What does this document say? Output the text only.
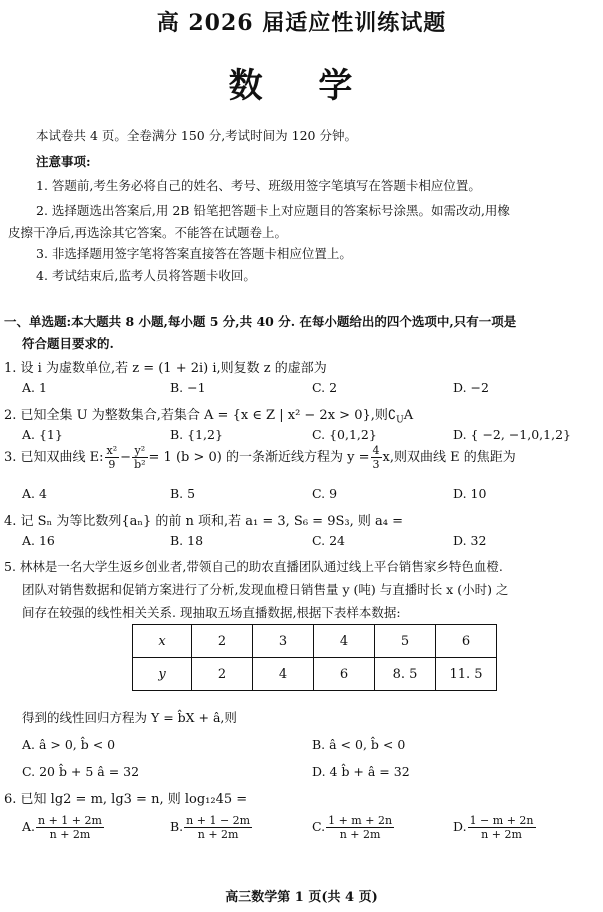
高 2026 届适应性训练试题
数 学
本试卷共 4 页。全卷满分 150 分,考试时间为 120 分钟。
注意事项:
1. 答题前,考生务必将自己的姓名、考号、班级用签字笔填写在答题卡相应位置。
2. 选择题选出答案后,用 2B 铅笔把答题卡上对应题目的答案标号涂黑。如需改动,用橡
皮擦干净后,再选涂其它答案。不能答在试题卷上。
3. 非选择题用签字笔将答案直接答在答题卡相应位置上。
4. 考试结束后,监考人员将答题卡收回。
一、单选题:本大题共 8 小题,每小题 5 分,共 40 分. 在每小题给出的四个选项中,只有一项是
符合题目要求的.
1. 设 i 为虚数单位,若 z = (1 + 2i) i,则复数 z 的虚部为
A. 1	B. −1	C. 2	D. −2
2. 已知全集 U 为整数集合,若集合 A = {x ∈ Z | x² − 2x > 0},则$∁_UA$
A. {1}	B. {1,2}	C. {0,1,2}	D. { −2, −1,0,1,2}
3. 已知双曲线 E: $\frac{\text{x²}}{9} - \frac{\text{y²}}{\text{b²}} = 1$ (b > 0) 的一条渐近线方程为 $y = \frac{4}{3} x$,则双曲线 E 的焦距为
A. 4	B. 5	C. 9	D. 10
4. 记 Sₙ 为等比数列{aₙ} 的前 n 项和,若 a₁ = 3, S₆ = 9S₃, 则 a₄ =
A. 16	B. 18	C. 24	D. 32
5. 林林是一名大学生返乡创业者,带领自己的助农直播团队通过线上平台销售家乡特色血橙.
团队对销售数据和促销方案进行了分析,发现血橙日销售量 y (吨) 与直播时长 x (小时) 之
间存在较强的线性相关关系. 现抽取五场直播数据,根据下表样本数据:
x	2	3	4	5	6
y	2	4	6	8. 5	11. 5
得到的线性回归方程为 Y = b̂X + â,则
A. â > 0, b̂ < 0	B. â < 0, b̂ < 0
C. 20 b̂ + 5 â = 32	D. 4 b̂ + â = 32
6. 已知 lg2 = m, lg3 = n, 则 log₁₂45 =
A. $\frac{n + 1 + 2m}{n + 2m}$	B. $\frac{n + 1 - 2m}{n + 2m}$	C. $\frac{1 + m + 2n}{n + 2m}$	D. $\frac{1 - m + 2n}{n + 2m}$
高三数学第 1 页(共 4 页)
